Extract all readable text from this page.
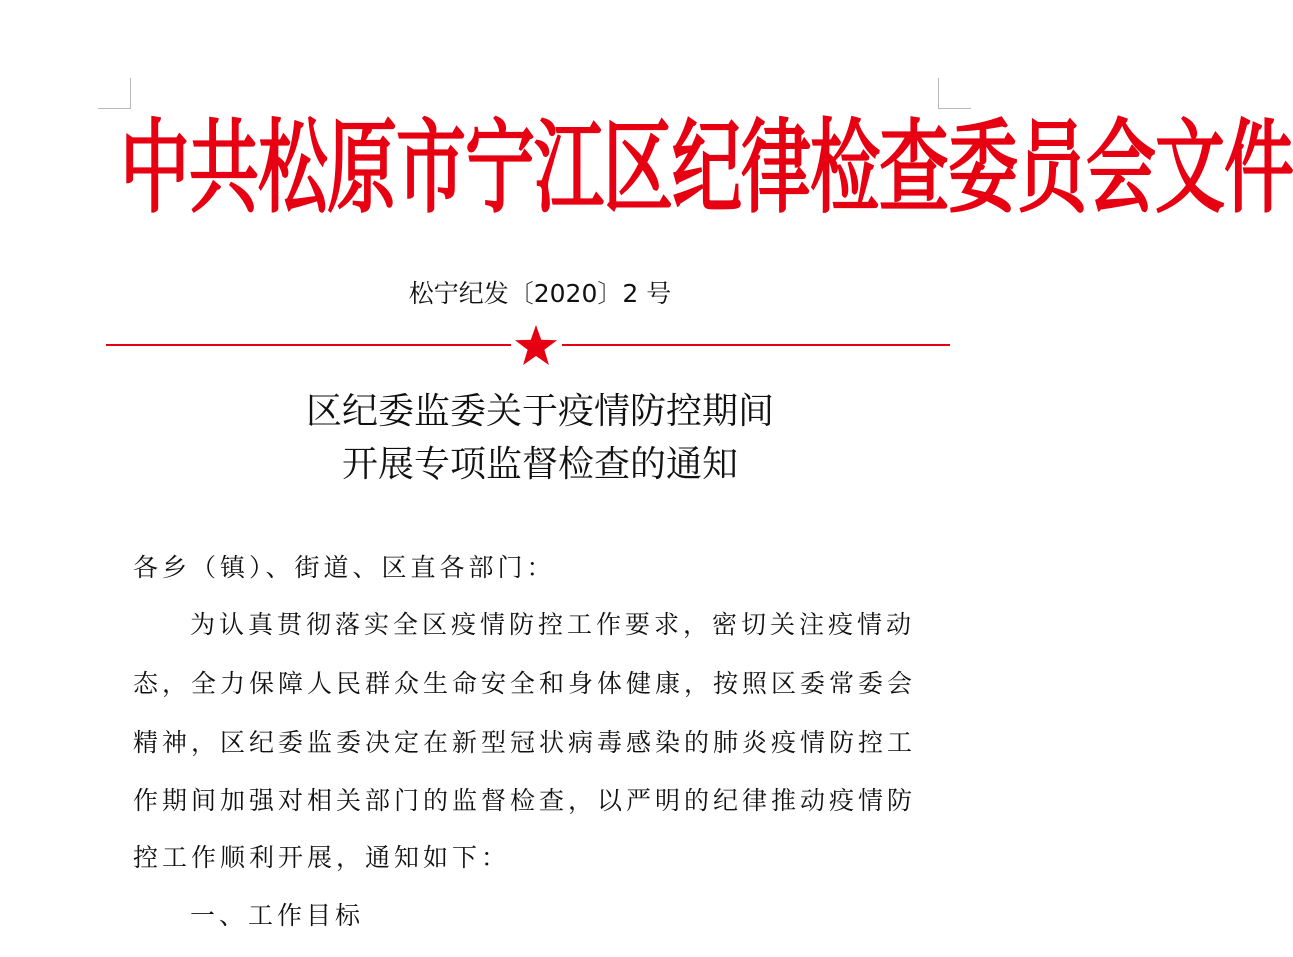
中共松原市宁江区纪律检查委员会文件
松宁纪发〔2020〕2 号
区纪委监委关于疫情防控期间
开展专项监督检查的通知
各乡（镇）、街道、区直各部门：
为认真贯彻落实全区疫情防控工作要求，密切关注疫情动
态，全力保障人民群众生命安全和身体健康，按照区委常委会
精神，区纪委监委决定在新型冠状病毒感染的肺炎疫情防控工
作期间加强对相关部门的监督检查，以严明的纪律推动疫情防
控工作顺利开展，通知如下：
一、工作目标
